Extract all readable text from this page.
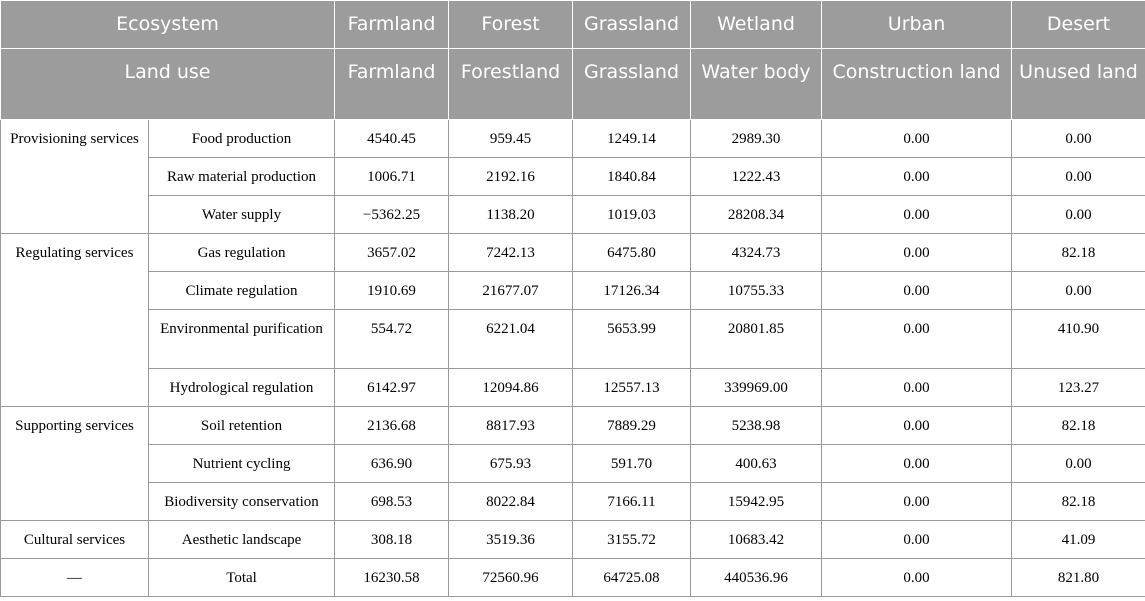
Ecosystem		Farmland	Forest	Grassland	Wetland	Urban	Desert
Land use		Farmland	Forestland	Grassland	Water body	Construction land	Unused land
Provisioning services	Food production	4540.45	959.45	1249.14	2989.30	0.00	0.00
	Raw material production	1006.71	2192.16	1840.84	1222.43	0.00	0.00
	Water supply	−5362.25	1138.20	1019.03	28208.34	0.00	0.00
Regulating services	Gas regulation	3657.02	7242.13	6475.80	4324.73	0.00	82.18
	Climate regulation	1910.69	21677.07	17126.34	10755.33	0.00	0.00
	Environmental purification	554.72	6221.04	5653.99	20801.85	0.00	410.90
	Hydrological regulation	6142.97	12094.86	12557.13	339969.00	0.00	123.27
Supporting services	Soil retention	2136.68	8817.93	7889.29	5238.98	0.00	82.18
	Nutrient cycling	636.90	675.93	591.70	400.63	0.00	0.00
	Biodiversity conservation	698.53	8022.84	7166.11	15942.95	0.00	82.18
Cultural services	Aesthetic landscape	308.18	3519.36	3155.72	10683.42	0.00	41.09
—	Total	16230.58	72560.96	64725.08	440536.96	0.00	821.80
